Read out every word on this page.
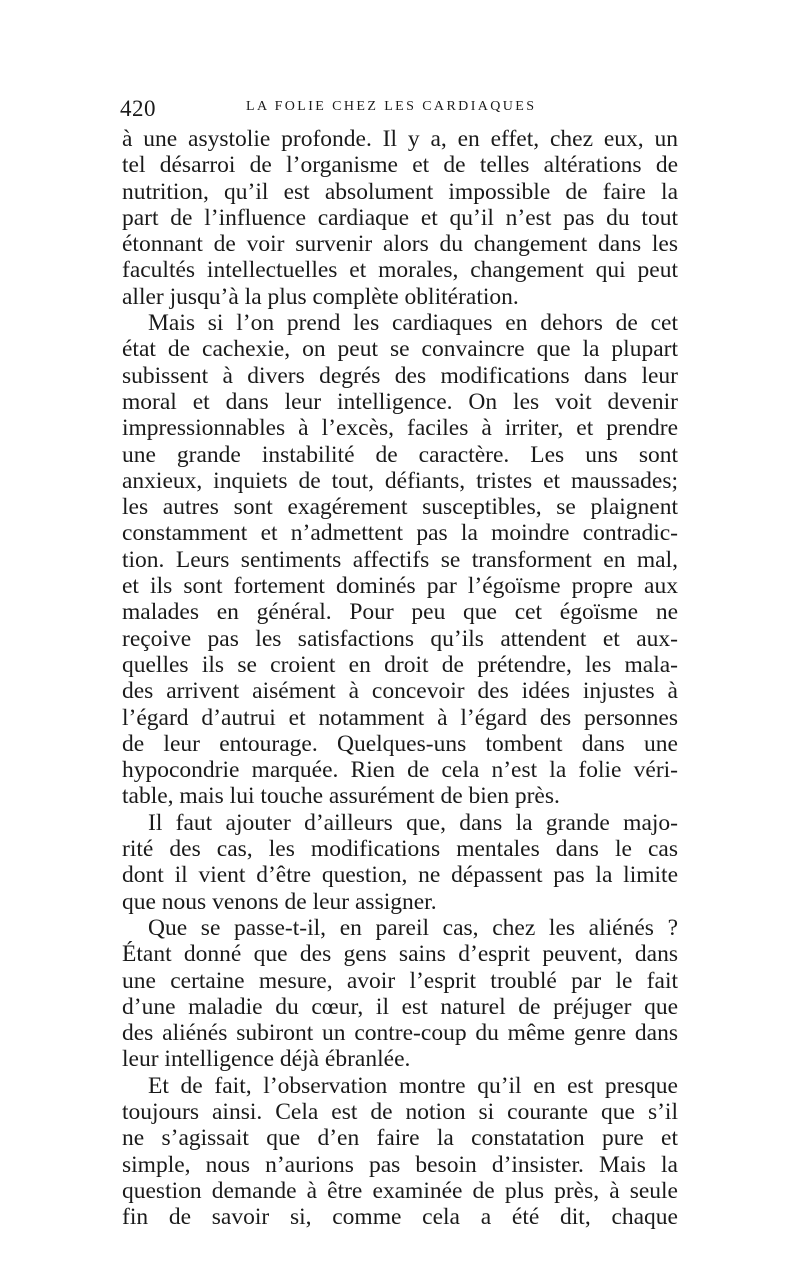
420	LA FOLIE CHEZ LES CARDIAQUES
à une asystolie profonde. Il y a, en effet, chez eux, un
tel désarroi de l’organisme et de telles altérations de
nutrition, qu’il est absolument impossible de faire la
part de l’influence cardiaque et qu’il n’est pas du tout
étonnant de voir survenir alors du changement dans les
facultés intellectuelles et morales, changement qui peut
aller jusqu’à la plus complète oblitération.
Mais si l’on prend les cardiaques en dehors de cet
état de cachexie, on peut se convaincre que la plupart
subissent à divers degrés des modifications dans leur
moral et dans leur intelligence. On les voit devenir
impressionnables à l’excès, faciles à irriter, et prendre
une grande instabilité de caractère. Les uns sont
anxieux, inquiets de tout, défiants, tristes et maussades;
les autres sont exagérement susceptibles, se plaignent
constamment et n’admettent pas la moindre contradic-
tion. Leurs sentiments affectifs se transforment en mal,
et ils sont fortement dominés par l’égoïsme propre aux
malades en général. Pour peu que cet égoïsme ne
reçoive pas les satisfactions qu’ils attendent et aux-
quelles ils se croient en droit de prétendre, les mala-
des arrivent aisément à concevoir des idées injustes à
l’égard d’autrui et notamment à l’égard des personnes
de leur entourage. Quelques-uns tombent dans une
hypocondrie marquée. Rien de cela n’est la folie véri-
table, mais lui touche assurément de bien près.
Il faut ajouter d’ailleurs que, dans la grande majo-
rité des cas, les modifications mentales dans le cas
dont il vient d’être question, ne dépassent pas la limite
que nous venons de leur assigner.
Que se passe-t-il, en pareil cas, chez les aliénés ?
Étant donné que des gens sains d’esprit peuvent, dans
une certaine mesure, avoir l’esprit troublé par le fait
d’une maladie du cœur, il est naturel de préjuger que
des aliénés subiront un contre-coup du même genre dans
leur intelligence déjà ébranlée.
Et de fait, l’observation montre qu’il en est presque
toujours ainsi. Cela est de notion si courante que s’il
ne s’agissait que d’en faire la constatation pure et
simple, nous n’aurions pas besoin d’insister. Mais la
question demande à être examinée de plus près, à seule
fin de savoir si, comme cela a été dit, chaque
